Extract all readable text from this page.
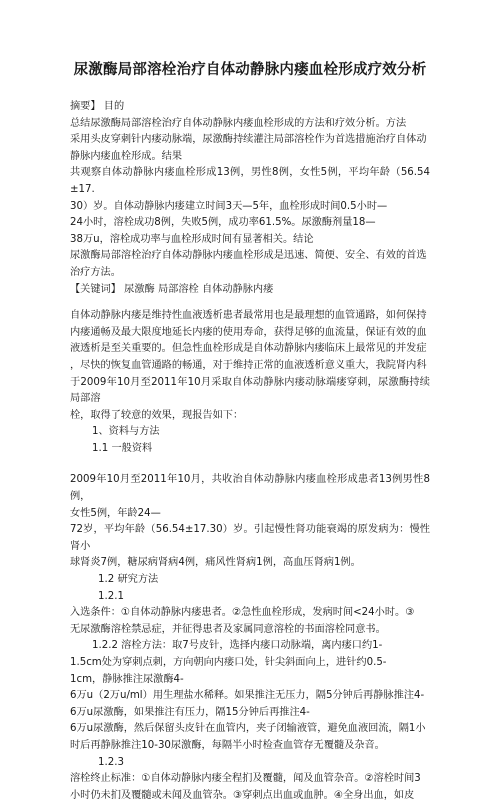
尿激酶局部溶栓治疗自体动静脉内瘘血栓形成疗效分析
摘要】 目的
总结尿激酶局部溶栓治疗自体动静脉内瘘血栓形成的方法和疗效分析。方法
采用头皮穿刺针内瘘动脉端，尿激酶持续灌注局部溶栓作为首选措施治疗自体动
静脉内瘘血栓形成。结果
共观察自体动静脉内瘘血栓形成13例，男性8例，女性5例，平均年龄（56.54±17.
30）岁。自体动静脉内瘘建立时间3天—5年，血栓形成时间0.5小时—
24小时，溶栓成功8例，失败5例，成功率61.5%。尿激酶剂量18—
38万u，溶栓成功率与血栓形成时间有显著相关。结论
尿激酶局部溶栓治疗自体动静脉内瘘血栓形成是迅速、简便、安全、有效的首选
治疗方法。
【关键词】 尿激酶 局部溶栓 自体动静脉内瘘
自体动静脉内瘘是维持性血液透析患者最常用也是最理想的血管通路，如何保持
内瘘通畅及最大限度地延长内瘘的使用寿命，获得足够的血流量，保证有效的血
液透析是至关重要的。但急性血栓形成是自体动静脉内瘘临床上最常见的并发症
，尽快的恢复血管通路的畅通，对于维持正常的血液透析意义重大，我院肾内科
于2009年10月至2011年10月采取自体动静脉内瘘动脉端瘘穿刺，尿激酶持续局部溶
栓，取得了较意的效果，现报告如下：
1、资料与方法
1.1 一般资料
2009年10月至2011年10月，共收治自体动静脉内瘘血栓形成患者13例男性8例，
女性5例，年龄24—
72岁，平均年龄（56.54±17.30）岁。引起慢性肾功能衰竭的原发病为：慢性肾小
球肾炎7例，糖尿病肾病4例，痛风性肾病1例，高血压肾病1例。
1.2 研究方法
1.2.1
入选条件：①自体动静脉内瘘患者。②急性血栓形成，发病时间<24小时。③
无尿激酶溶栓禁忌症，并征得患者及家属同意溶栓的书面溶栓同意书。
1.2.2 溶栓方法：取7号皮针，选择内瘘口动脉端，离内瘘口约1-
1.5cm处为穿刺点刺，方向朝向内瘘口处，针尖斜面向上，进针约0.5-
1cm，静脉推注尿激酶4-
6万u（2万u/ml）用生理盐水稀释。如果推注无压力，隔5分钟后再静脉推注4-
6万u尿激酶，如果推注有压力，隔15分钟后再推注4-
6万u尿激酶，然后保留头皮针在血管内，夹子闭输液管，避免血液回流，隔1小
时后再静脉推注10-30尿激酶，每隔半小时检查血管存无覆髓及杂音。
1.2.3
溶栓终止标准：①自体动静脉内瘘全程扪及覆髓，闻及血管杂音。②溶栓时间3
小时仍未扪及覆髓或未闻及血管杂。③穿刺点出血或血肿。④全身出血，如皮
